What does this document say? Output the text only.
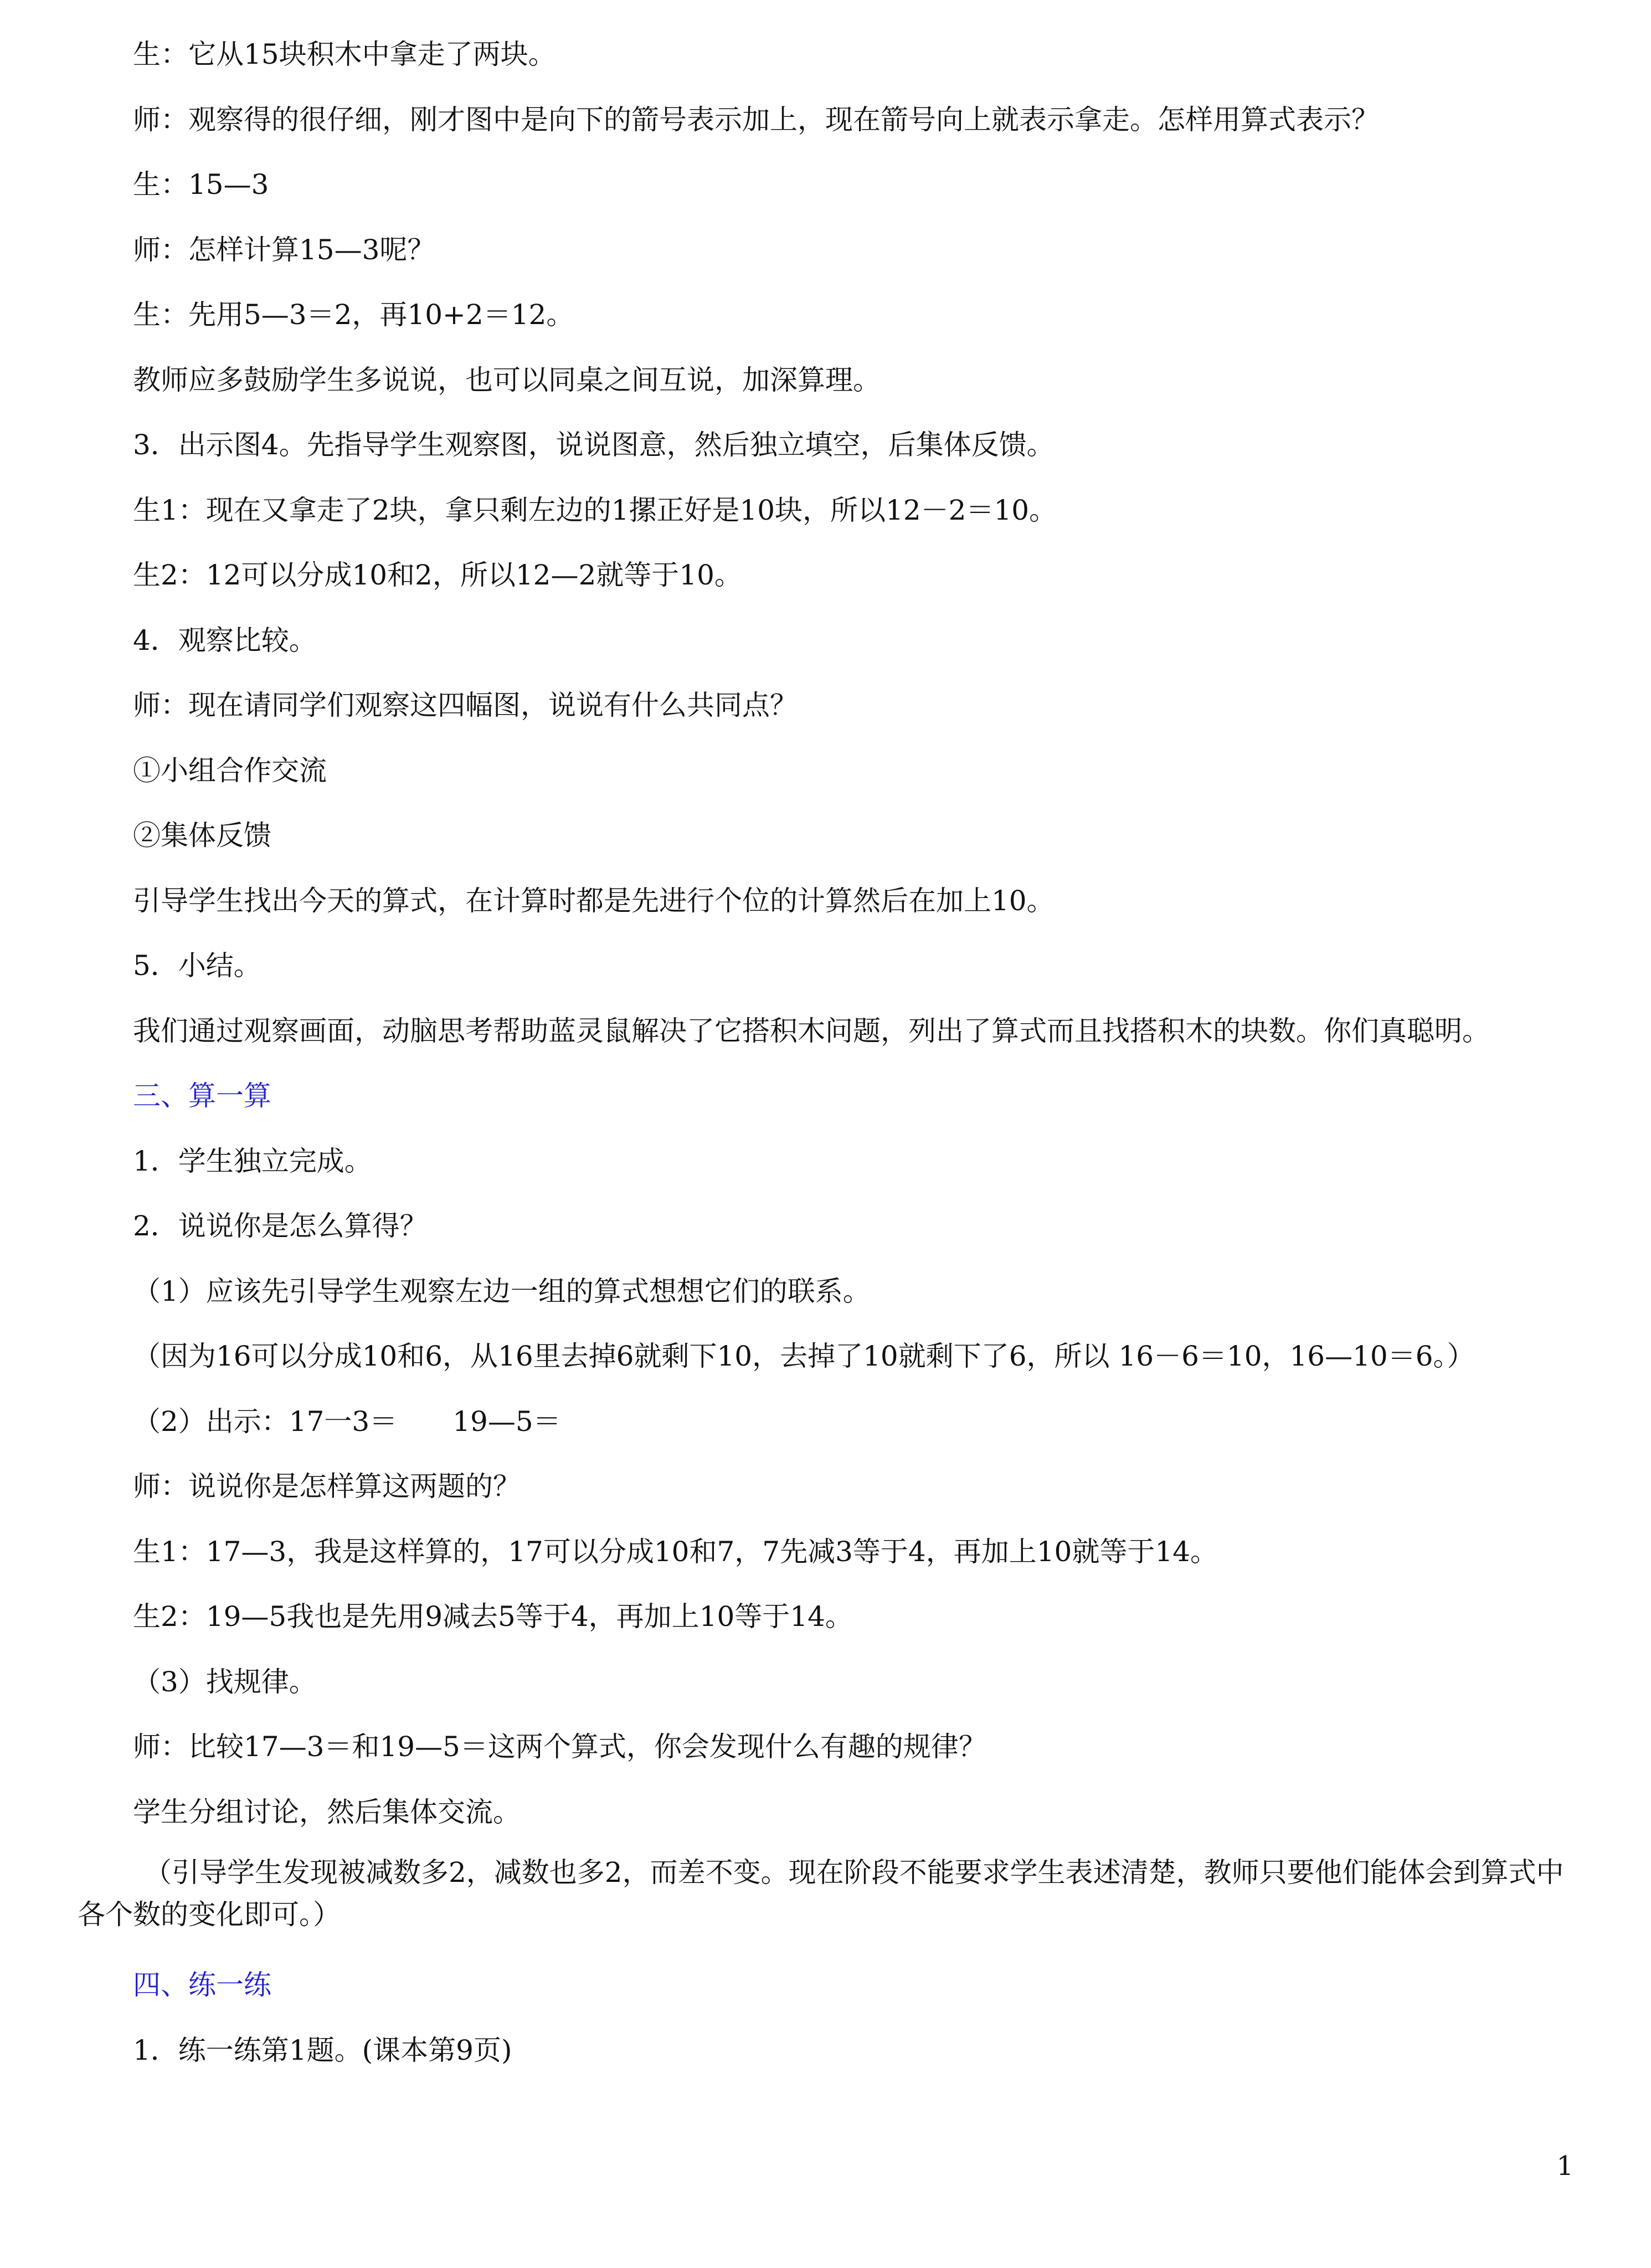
生：它从15块积木中拿走了两块。
师：观察得的很仔细，刚才图中是向下的箭号表示加上，现在箭号向上就表示拿走。怎样用算式表示？
生：15—3
师：怎样计算15—3呢？
生：先用5—3＝2，再10+2＝12。
教师应多鼓励学生多说说，也可以同桌之间互说，加深算理。
3．出示图4。先指导学生观察图，说说图意，然后独立填空，后集体反馈。
生1：现在又拿走了2块，拿只剩左边的1摞正好是10块，所以12－2＝10。
生2：12可以分成10和2，所以12—2就等于10。
4．观察比较。
师：现在请同学们观察这四幅图，说说有什么共同点？
①小组合作交流
②集体反馈
引导学生找出今天的算式，在计算时都是先进行个位的计算然后在加上10。
5．小结。
我们通过观察画面，动脑思考帮助蓝灵鼠解决了它搭积木问题，列出了算式而且找搭积木的块数。你们真聪明。
三、算一算
1．学生独立完成。
2．说说你是怎么算得？
（1）应该先引导学生观察左边一组的算式想想它们的联系。
（因为16可以分成10和6，从16里去掉6就剩下10，去掉了10就剩下了6，所以 16－6＝10，16—10＝6。）
（2）出示：17一3＝　　19—5＝
师：说说你是怎样算这两题的？
生1：17—3，我是这样算的，17可以分成10和7，7先减3等于4，再加上10就等于14。
生2：19—5我也是先用9减去5等于4，再加上10等于14。
（3）找规律。
师：比较17—3＝和19—5＝这两个算式，你会发现什么有趣的规律？
学生分组讨论，然后集体交流。
（引导学生发现被减数多2，减数也多2，而差不变。现在阶段不能要求学生表述清楚，教师只要他们能体会到算式中各个数的变化即可。）
四、练一练
1．练一练第1题。(课本第9页)
1
